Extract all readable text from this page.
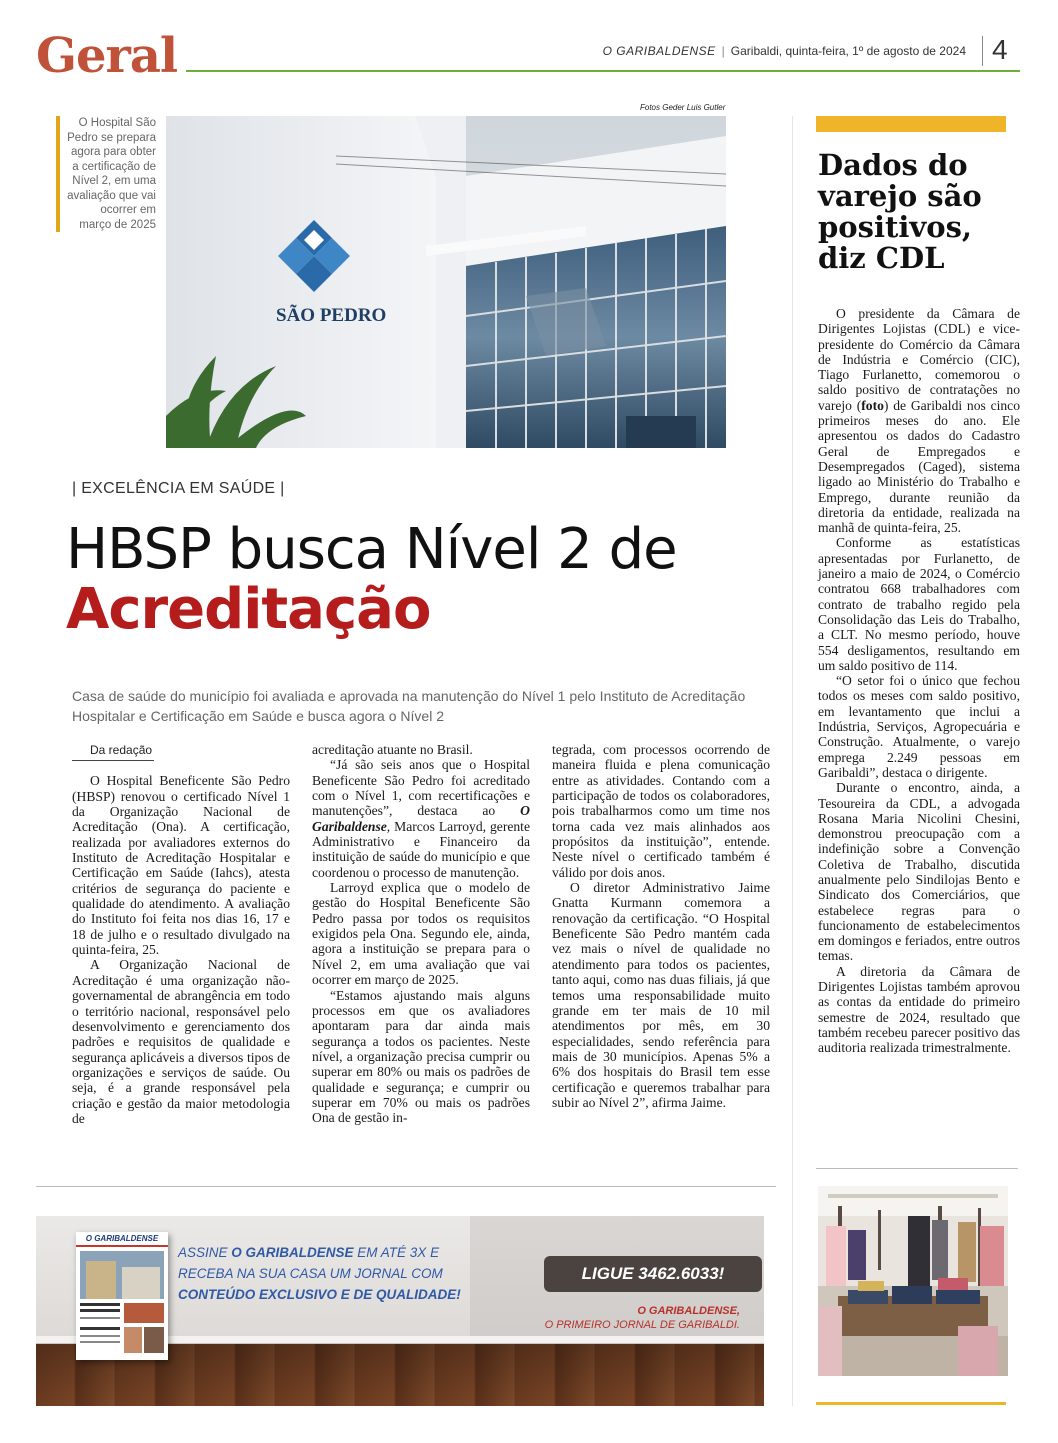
Geral	O GARIBALDENSE | Garibaldi, quinta-feira, 1º de agosto de 2024 4
Fotos Geder Luis Gutler
O Hospital São Pedro se prepara agora para obter a certificação de Nível 2, em uma avaliação que vai ocorrer em março de 2025
SÃO PEDRO
| EXCELÊNCIA EM SAÚDE |
HBSP busca Nível 2 de Acreditação
Casa de saúde do município foi avaliada e aprovada na manutenção do Nível 1 pelo Instituto de Acreditação Hospitalar e Certificação em Saúde e busca agora o Nível 2
Da redação

O Hospital Beneficente São Pedro (HBSP) renovou o certificado Nível 1 da Organização Nacional de Acreditação (Ona). A certificação, realizada por avaliadores externos do Instituto de Acreditação Hospitalar e Certificação em Saúde (Iahcs), atesta critérios de segurança do paciente e qualidade do atendimento. A avaliação do Instituto foi feita nos dias 16, 17 e 18 de julho e o resultado divulgado na quinta-feira, 25.

A Organização Nacional de Acreditação é uma organização não-governamental de abrangência em todo o território nacional, responsável pelo desenvolvimento e gerenciamento dos padrões e requisitos de qualidade e segurança aplicáveis a diversos tipos de organizações e serviços de saúde. Ou seja, é a grande responsável pela criação e gestão da maior metodologia de

acreditação atuante no Brasil.

“Já são seis anos que o Hospital Beneficente São Pedro foi acreditado com o Nível 1, com recertificações e manutenções”, destaca ao O Garibaldense, Marcos Larroyd, gerente Administrativo e Financeiro da instituição de saúde do município e que coordenou o processo de manutenção.

Larroyd explica que o modelo de gestão do Hospital Beneficente São Pedro passa por todos os requisitos exigidos pela Ona. Segundo ele, ainda, agora a instituição se prepara para o Nível 2, em uma avaliação que vai ocorrer em março de 2025.

“Estamos ajustando mais alguns processos em que os avaliadores apontaram para dar ainda mais segurança a todos os pacientes. Neste nível, a organização precisa cumprir ou superar em 80% ou mais os padrões de qualidade e segurança; e cumprir ou superar em 70% ou mais os padrões Ona de gestão in-

tegrada, com processos ocorrendo de maneira fluida e plena comunicação entre as atividades. Contando com a participação de todos os colaboradores, pois trabalharmos como um time nos torna cada vez mais alinhados aos propósitos da instituição”, entende. Neste nível o certificado também é válido por dois anos.

O diretor Administrativo Jaime Gnatta Kurmann comemora a renovação da certificação. “O Hospital Beneficente São Pedro mantém cada vez mais o nível de qualidade no atendimento para todos os pacientes, tanto aqui, como nas duas filiais, já que temos uma responsabilidade muito grande em ter mais de 10 mil atendimentos por mês, em 30 especialidades, sendo referência para mais de 30 municípios. Apenas 5% a 6% dos hospitais do Brasil tem esse certificação e queremos trabalhar para subir ao Nível 2”, afirma Jaime.

O GARIBALDENSE
ASSINE O GARIBALDENSE EM ATÉ 3X E RECEBA NA SUA CASA UM JORNAL COM CONTEÚDO EXCLUSIVO E DE QUALIDADE!
LIGUE 3462.6033!
O GARIBALDENSE,
O PRIMEIRO JORNAL DE GARIBALDI.
Dados do varejo são positivos, diz CDL

O presidente da Câmara de Dirigentes Lojistas (CDL) e vice-presidente do Comércio da Câmara de Indústria e Comércio (CIC), Tiago Furlanetto, comemorou o saldo positivo de contratações no varejo (foto) de Garibaldi nos cinco primeiros meses do ano. Ele apresentou os dados do Cadastro Geral de Empregados e Desempregados (Caged), sistema ligado ao Ministério do Trabalho e Emprego, durante reunião da diretoria da entidade, realizada na manhã de quinta-feira, 25.

Conforme as estatísticas apresentadas por Furlanetto, de janeiro a maio de 2024, o Comércio contratou 668 trabalhadores com contrato de trabalho regido pela Consolidação das Leis do Trabalho, a CLT. No mesmo período, houve 554 desligamentos, resultando em um saldo positivo de 114.

“O setor foi o único que fechou todos os meses com saldo positivo, em levantamento que inclui a Indústria, Serviços, Agropecuária e Construção. Atualmente, o varejo emprega 2.249 pessoas em Garibaldi”, destaca o dirigente.

Durante o encontro, ainda, a Tesoureira da CDL, a advogada Rosana Maria Nicolini Chesini, demonstrou preocupação com a indefinição sobre a Convenção Coletiva de Trabalho, discutida anualmente pelo Sindilojas Bento e Sindicato dos Comerciários, que estabelece regras para o funcionamento de estabelecimentos em domingos e feriados, entre outros temas.

A diretoria da Câmara de Dirigentes Lojistas também aprovou as contas da entidade do primeiro semestre de 2024, resultado que também recebeu parecer positivo das auditoria realizada trimestralmente.
